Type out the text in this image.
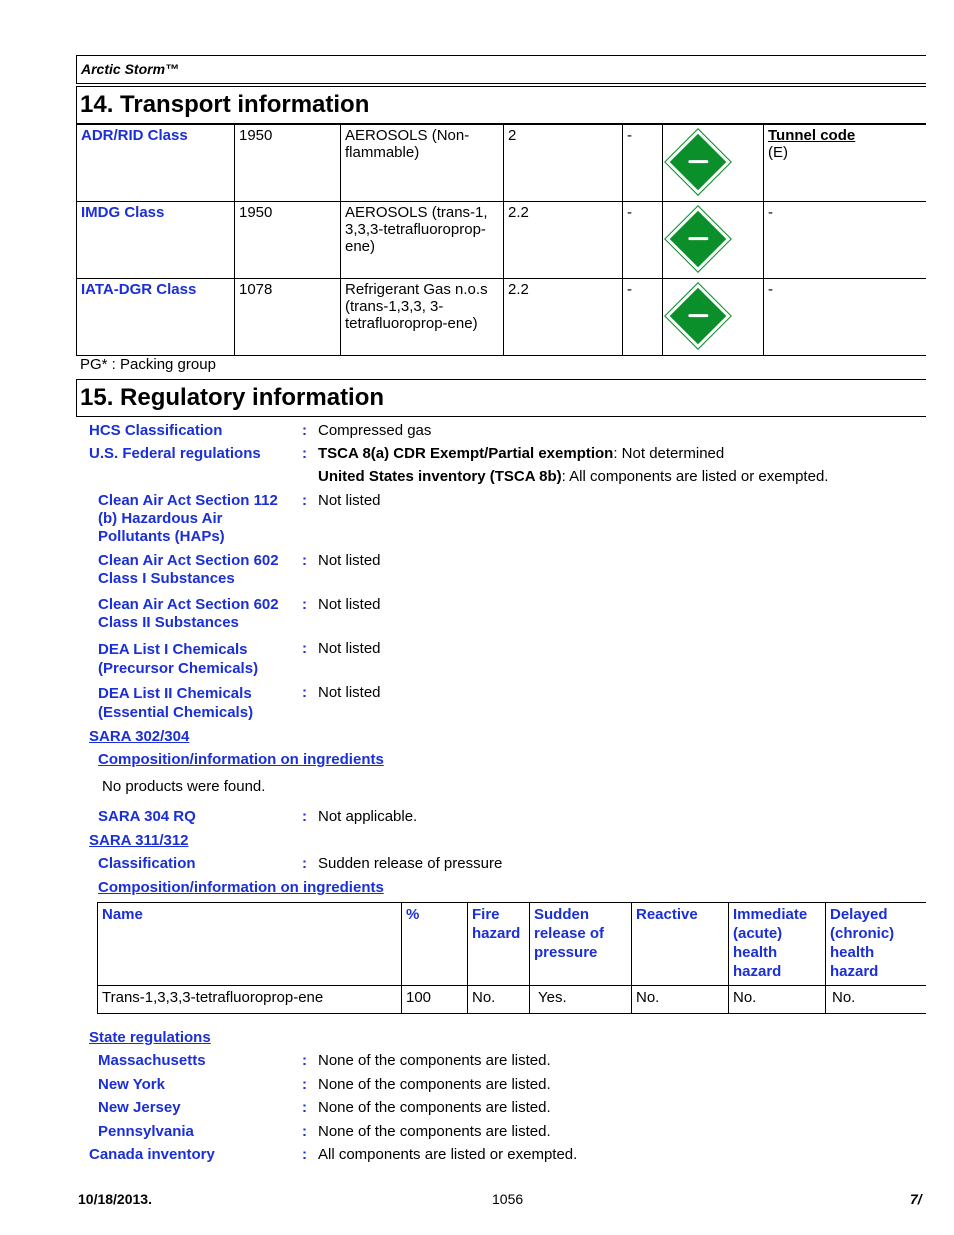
Arctic Storm™
14. Transport information
ADR/RID Class	1950	AEROSOLS (Non-flammable)	2	-		Tunnel code
(E)

IMDG Class	1950	AEROSOLS (trans-1, 3,3,3-tetrafluoroprop-ene)	2.2	-		-
IATA-DGR Class	1078	Refrigerant Gas n.o.s (trans-1,3,3, 3-tetrafluoroprop-ene)	2.2	-		-
PG* : Packing group
15. Regulatory information
HCS Classification	: Compressed gas
U.S. Federal regulations	: TSCA 8(a) CDR Exempt/Partial exemption: Not determined
United States inventory (TSCA 8b): All components are listed or exempted.
Clean Air Act Section 112 (b) Hazardous Air Pollutants (HAPs)
: Not listed
Clean Air Act Section 602 Class I Substances
: Not listed
Clean Air Act Section 602 Class II Substances
: Not listed
DEA List I Chemicals (Precursor Chemicals)
: Not listed
DEA List II Chemicals (Essential Chemicals)
: Not listed
SARA 302/304
Composition/information on ingredients
No products were found.
SARA 304 RQ	: Not applicable.
SARA 311/312
Classification	: Sudden release of pressure
Composition/information on ingredients
Name	%	Fire hazard	Sudden release of pressure	Reactive	Immediate (acute) health hazard	Delayed (chronic) health hazard
Trans-1,3,3,3-tetrafluoroprop-ene	100	No.	Yes.	No.	No.	No.
State regulations
Massachusetts	: None of the components are listed.
New York	: None of the components are listed.
New Jersey	: None of the components are listed.
Pennsylvania	: None of the components are listed.
Canada inventory	: All components are listed or exempted.
10/18/2013.	1056	7/
